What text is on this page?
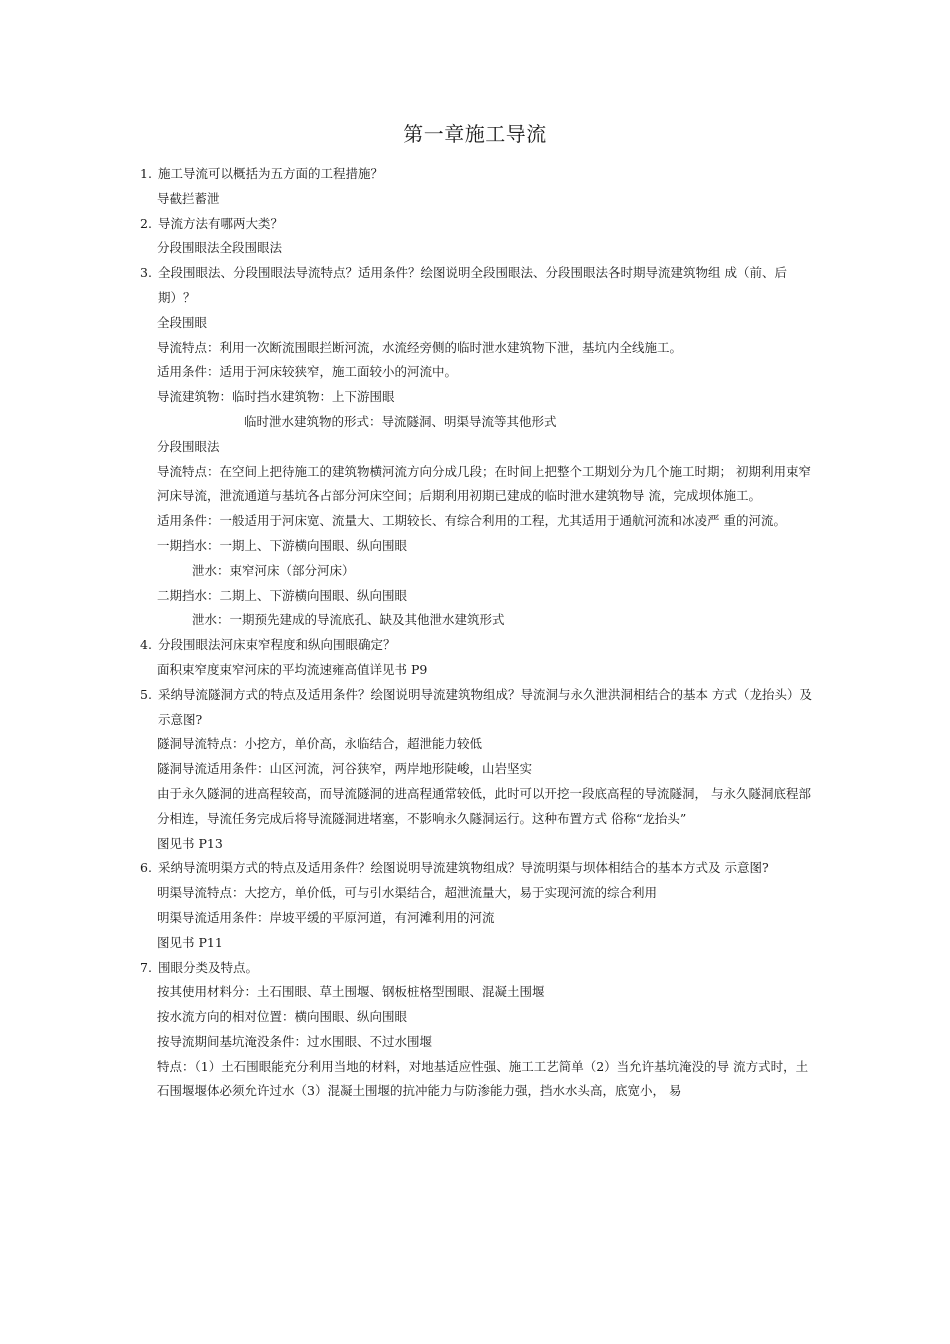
第一章施工导流
1. 施工导流可以概括为五方面的工程措施？
导截拦蓄泄
2. 导流方法有哪两大类？
分段围眼法全段围眼法
3. 全段围眼法、分段围眼法导流特点？适用条件？绘图说明全段围眼法、分段围眼法各时期导流建筑物组 成（前、后期）？
全段围眼
导流特点：利用一次断流围眼拦断河流，水流经旁侧的临时泄水建筑物下泄，基坑内全线施工。
适用条件：适用于河床较狭窄，施工面较小的河流中。
导流建筑物：临时挡水建筑物：上下游围眼
临时泄水建筑物的形式：导流隧洞、明渠导流等其他形式
分段围眼法
导流特点：在空间上把待施工的建筑物横河流方向分成几段；在时间上把整个工期划分为几个施工时期； 初期利用束窄河床导流，泄流通道与基坑各占部分河床空间；后期利用初期已建成的临时泄水建筑物导 流，完成坝体施工。
适用条件：一般适用于河床宽、流量大、工期较长、有综合利用的工程，尤其适用于通航河流和冰凌严 重的河流。
一期挡水：一期上、下游横向围眼、纵向围眼
泄水：束窄河床（部分河床）
二期挡水：二期上、下游横向围眼、纵向围眼
泄水：一期预先建成的导流底孔、缺及其他泄水建筑形式
4. 分段围眼法河床束窄程度和纵向围眼确定？
面积束窄度束窄河床的平均流速雍高值详见书 P9
5. 采纳导流隧洞方式的特点及适用条件？绘图说明导流建筑物组成？导流洞与永久泄洪洞相结合的基本 方式（龙抬头）及示意图?
隧洞导流特点：小挖方，单价高，永临结合，超泄能力较低
隧洞导流适用条件：山区河流，河谷狭窄，两岸地形陡峻，山岩坚实
由于永久隧洞的进高程较高，而导流隧洞的进高程通常较低，此时可以开挖一段底高程的导流隧洞， 与永久隧洞底程部分相连，导流任务完成后将导流隧洞进堵塞，不影响永久隧洞运行。这种布置方式 俗称“龙抬头”
图见书 P13
6. 采纳导流明渠方式的特点及适用条件？绘图说明导流建筑物组成？导流明渠与坝体相结合的基本方式及 示意图?
明渠导流特点：大挖方，单价低，可与引水渠结合，超泄流量大，易于实现河流的综合利用
明渠导流适用条件：岸坡平缓的平原河道，有河滩利用的河流
图见书 P11
7. 围眼分类及特点。
按其使用材料分：土石围眼、草土围堰、钢板桩格型围眼、混凝土围堰
按水流方向的相对位置：横向围眼、纵向围眼
按导流期间基坑淹没条件：过水围眼、不过水围堰
特点：（1）土石围眼能充分利用当地的材料，对地基适应性强、施工工艺简单（2）当允许基坑淹没的导 流方式时，土石围堰堰体必须允许过水（3）混凝土围堰的抗冲能力与防渗能力强，挡水水头高，底宽小， 易
